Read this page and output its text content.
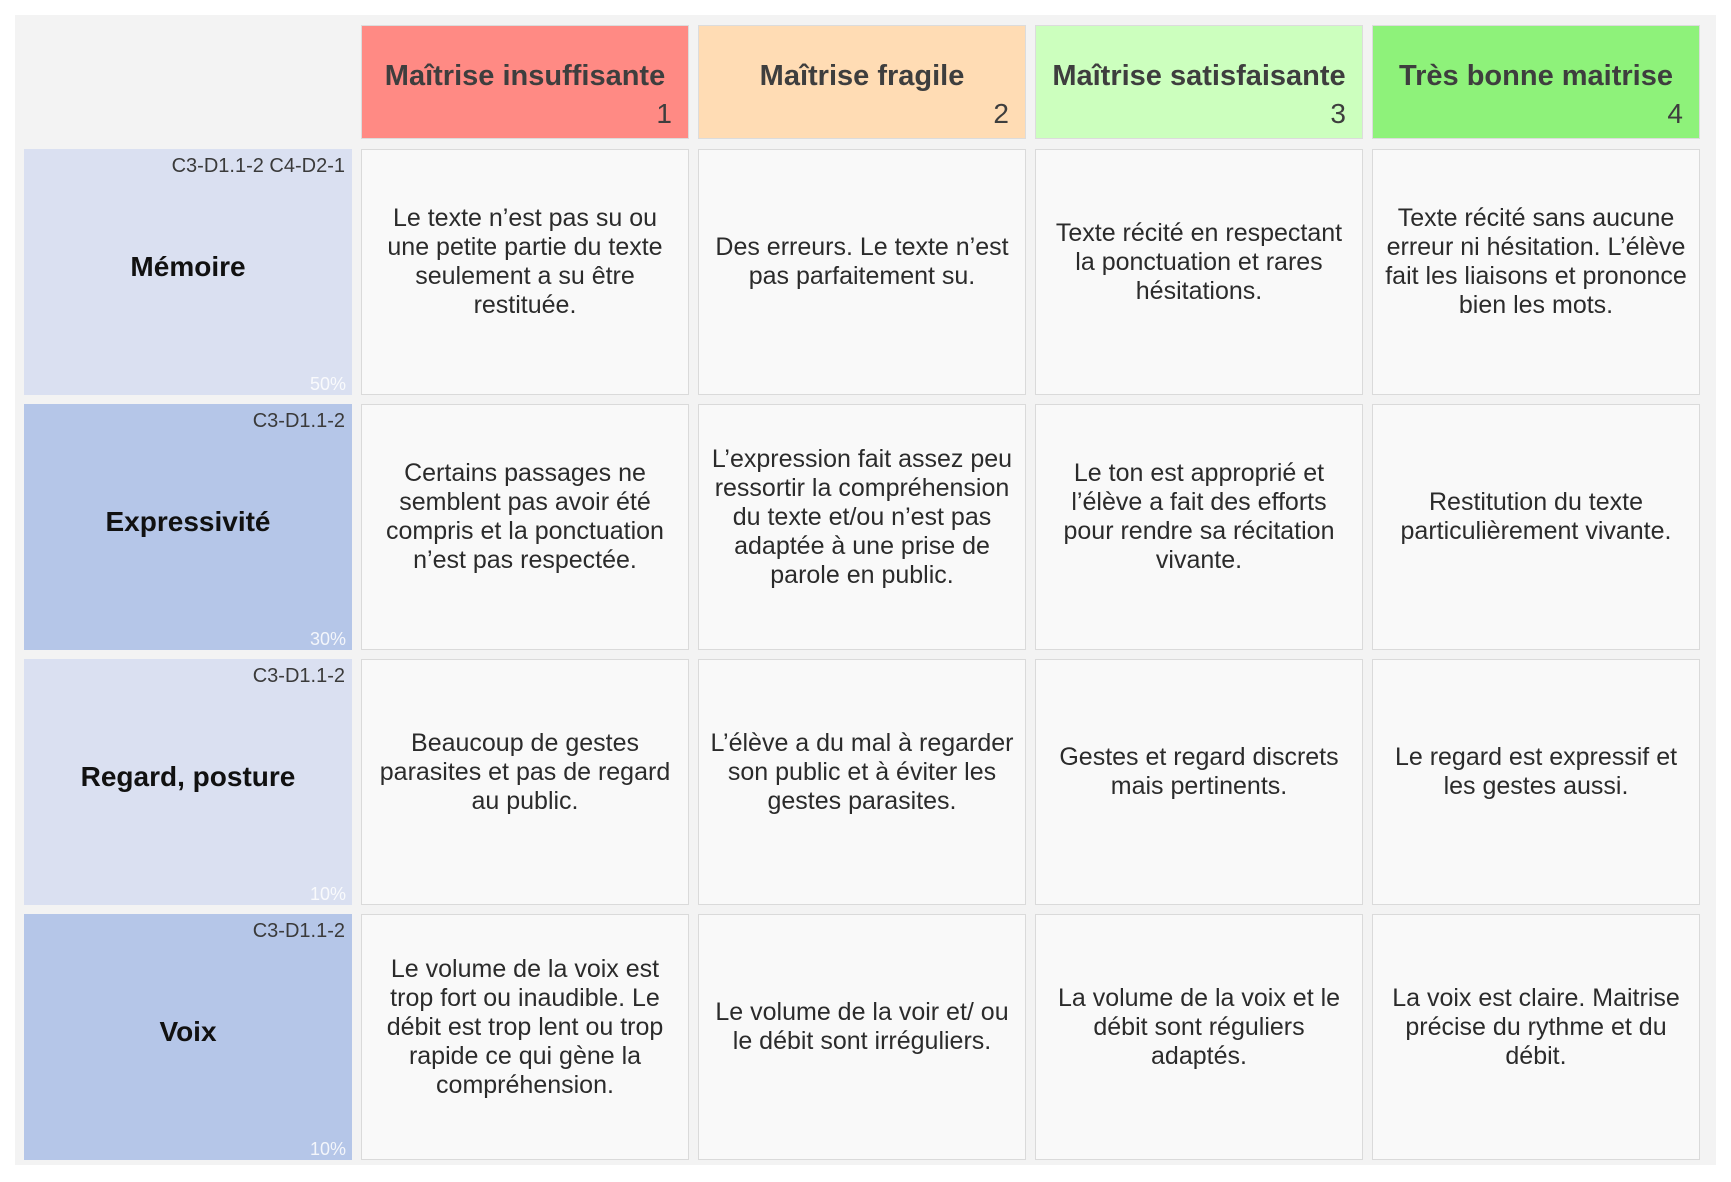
Maîtrise insuffisante
1
Maîtrise fragile
2
Maîtrise satisfaisante
3
Très bonne maitrise
4
C3-D1.1-2 C4-D2-1
Mémoire
50%
Le texte n’est pas su ou une petite partie du texte seulement a su être restituée.
Des erreurs. Le texte n’est pas parfaitement su.
Texte récité en respectant la ponctuation et rares hésitations.
Texte récité sans aucune erreur ni hésitation. L’élève fait les liaisons et prononce bien les mots.
C3-D1.1-2
Expressivité
30%
Certains passages ne semblent pas avoir été compris et la ponctuation n’est pas respectée.
L’expression fait assez peu ressortir la compréhension du texte et/ou n’est pas adaptée à une prise de parole en public.
Le ton est approprié et l’élève a fait des efforts pour rendre sa récitation vivante.
Restitution du texte particulièrement vivante.
C3-D1.1-2
Regard, posture
10%
Beaucoup de gestes parasites et pas de regard au public.
L’élève a du mal à regarder son public et à éviter les gestes parasites.
Gestes et regard discrets mais pertinents.
Le regard est expressif et les gestes aussi.
C3-D1.1-2
Voix
10%
Le volume de la voix est trop fort ou inaudible. Le débit est trop lent ou trop rapide ce qui gène la compréhension.
Le volume de la voir et/ ou le débit sont irréguliers.
La volume de la voix et le débit sont réguliers adaptés.
La voix est claire. Maitrise précise du rythme et du débit.
